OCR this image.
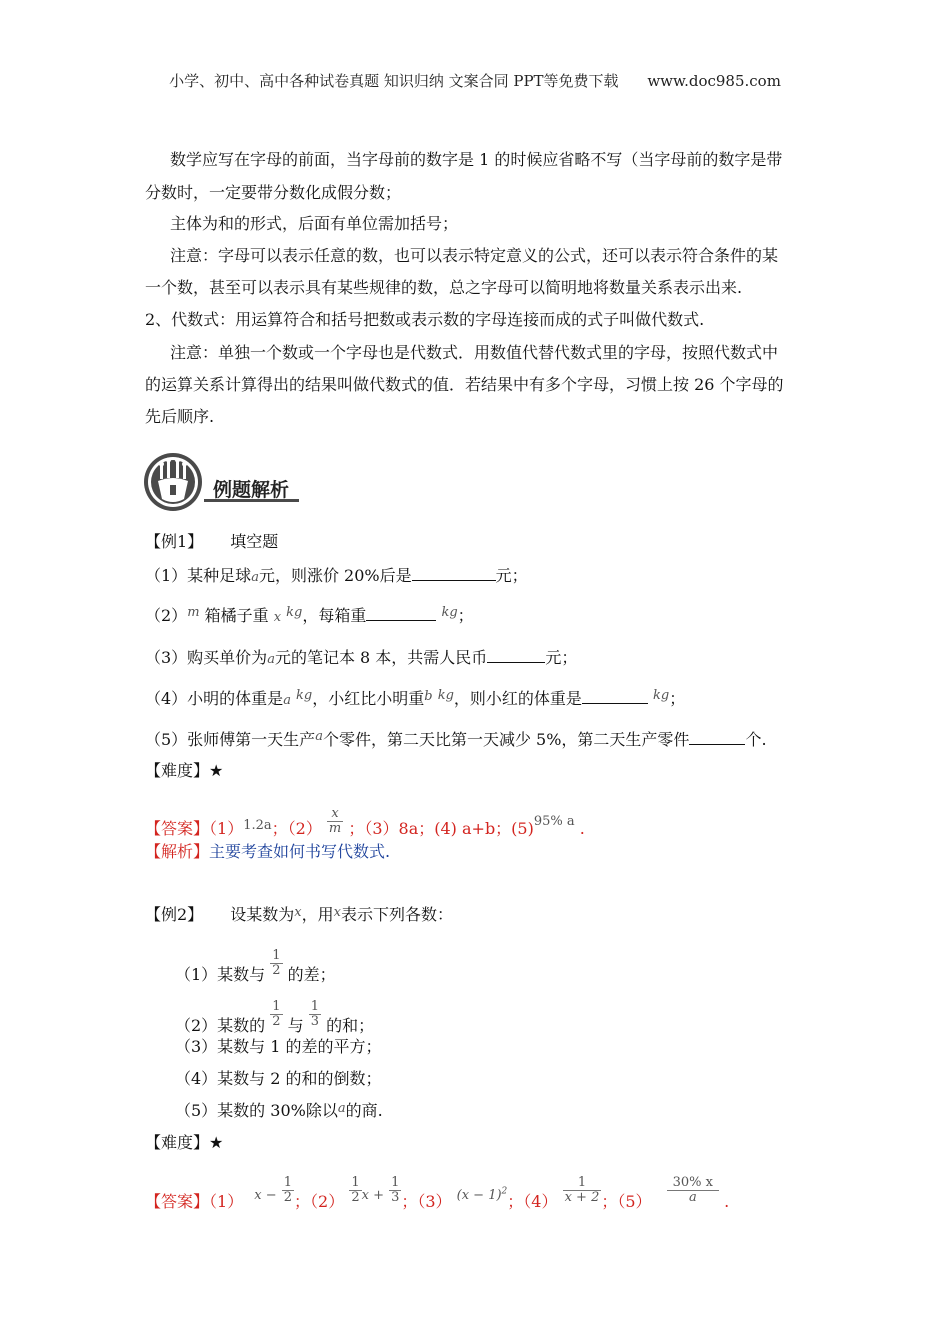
小学、初中、高中各种试卷真题 知识归纳 文案合同 PPT等免费下载 www.doc985.com
数学应写在字母的前面，当字母前的数字是 1 的时候应省略不写（当字母前的数字是带
分数时，一定要带分数化成假分数；
主体为和的形式，后面有单位需加括号；
注意：字母可以表示任意的数，也可以表示特定意义的公式，还可以表示符合条件的某
一个数，甚至可以表示具有某些规律的数，总之字母可以简明地将数量关系表示出来.
2、代数式：用运算符合和括号把数或表示数的字母连接而成的式子叫做代数式.
注意：单独一个数或一个字母也是代数式．用数值代替代数式里的字母，按照代数式中
的运算关系计算得出的结果叫做代数式的值．若结果中有多个字母，习惯上按 26 个字母的
先后顺序.
例题解析
【例1】 填空题
（1）某种足球a元，则涨价 20%后是	元；
$(2)^m$ 箱橘子重 x $^{kg}$，每箱重	$^{kg}$；
（3）购买单价为a元的笔记本 8 本，共需人民币	元；
（4）小明的体重是a $^{kg}$，小红比小明重$^b$ $^{kg}$，则小红的体重是	$^{kg}$；
（5）张师傅第一天生产$^a$个零件，第二天比第一天减少 5%，第二天生产零件	个.
【难度】★
【答案】$(1)^{1.2a}$；$(2) \frac{x}{m}$ ；（3）8a；(4) a+b；$(5)^{95\% a}$ .
【解析】主要考查如何书写代数式.
【例2】 设某数为$^x$，用$^x$表示下列各数：
（1）某数与 $\frac{1}{2}$ 的差；
（2）某数的 $\frac{1}{2}$ 与 $\frac{1}{3}$ 的和；
（3）某数与 1 的差的平方；
（4）某数与 2 的和的倒数；
（5）某数的 30%除以$^a$的商.
【难度】★
【答案】（1） $^{x -} \frac{1}{2}$ ；$(2) \frac{1}{2} ^{x +} \frac{1}{3}$ ；（3） $^{(x - 1)^2}$；$(4) \frac{1}{x + 2}$ ；$(5) \frac{30\% x}{a}$ .
